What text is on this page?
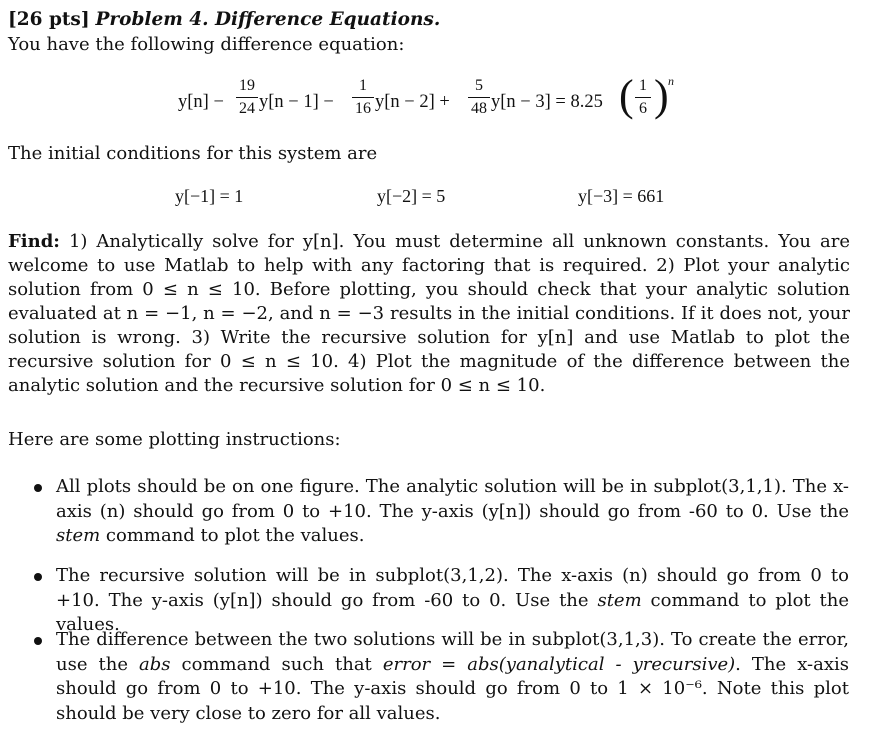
[26 pts] Problem 4. Difference Equations.
You have the following difference equation:
y[n] −
19
24 y[n − 1] −
1
16 y[n − 2] +
5
48 y[n − 3] = 8.25 ( 1
6 ) n
The initial conditions for this system are
y[−1] = 1	y[−2] = 5	y[−3] = 661
Find: 1) Analytically solve for y[n]. You must determine all unknown constants. You are welcome to use Matlab to help with any factoring that is required. 2) Plot your analytic solution from 0 ≤ n ≤ 10. Before plotting, you should check that your analytic solution evaluated at n = −1, n = −2, and n = −3 results in the initial conditions. If it does not, your solution is wrong. 3) Write the recursive solution for y[n] and use Matlab to plot the recursive solution for 0 ≤ n ≤ 10. 4) Plot the magnitude of the difference between the analytic solution and the recursive solution for 0 ≤ n ≤ 10.
Here are some plotting instructions:
All plots should be on one figure. The analytic solution will be in subplot(3,1,1). The x-axis (n) should go from 0 to +10. The y-axis (y[n]) should go from -60 to 0. Use the stem command to plot the values.
The recursive solution will be in subplot(3,1,2). The x-axis (n) should go from 0 to +10. The y-axis (y[n]) should go from -60 to 0. Use the stem command to plot the values.
The difference between the two solutions will be in subplot(3,1,3). To create the error, use the abs command such that error = abs(yanalytical - yrecursive). The x-axis should go from 0 to +10. The y-axis should go from 0 to 1 × 10⁻⁶. Note this plot should be very close to zero for all values.
